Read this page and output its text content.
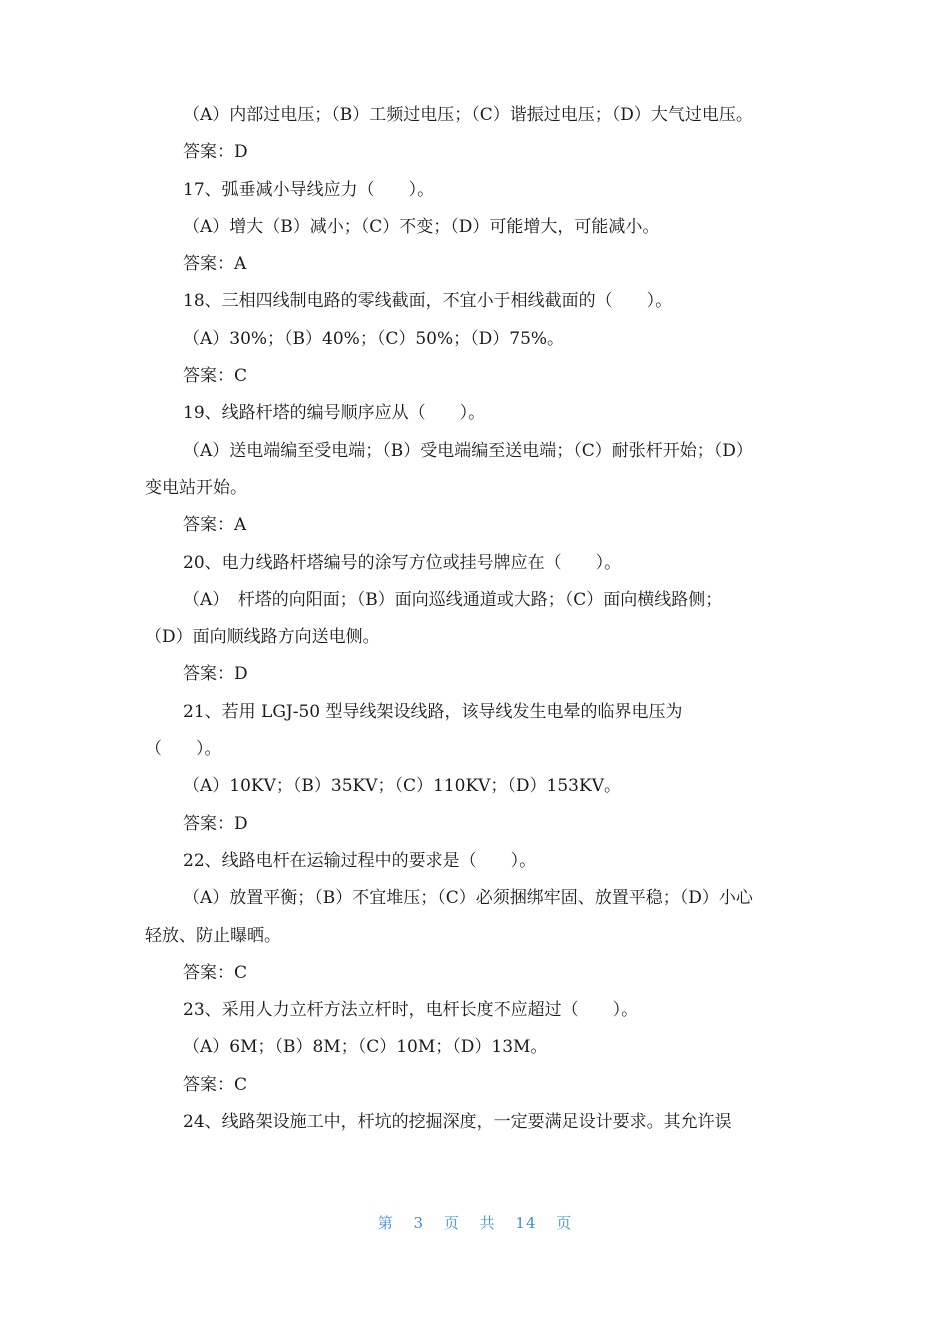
（A）内部过电压；（B）工频过电压；（C）谐振过电压；（D）大气过电压。
答案：D
17、弧垂减小导线应力（　　）。
（A）增大（B）减小；（C）不变；（D）可能增大，可能减小。
答案：A
18、三相四线制电路的零线截面，不宜小于相线截面的（　　）。
（A）30%；（B）40%；（C）50%；（D）75%。
答案：C
19、线路杆塔的编号顺序应从（　　）。
（A）送电端编至受电端；（B）受电端编至送电端；（C）耐张杆开始；（D）
变电站开始。
答案：A
20、电力线路杆塔编号的涂写方位或挂号牌应在（　　）。
（A）　杆塔的向阳面；（B）面向巡线通道或大路；（C）面向横线路侧；
（D）面向顺线路方向送电侧。
答案：D
21、若用 LGJ-50 型导线架设线路，该导线发生电晕的临界电压为
（　　）。
（A）10KV；（B）35KV；（C）110KV；（D）153KV。
答案：D
22、线路电杆在运输过程中的要求是（　　）。
（A）放置平衡；（B）不宜堆压；（C）必须捆绑牢固、放置平稳；（D）小心
轻放、防止曝晒。
答案：C
23、采用人力立杆方法立杆时，电杆长度不应超过（　　）。
（A）6M；（B）8M；（C）10M；（D）13M。
答案：C
24、线路架设施工中，杆坑的挖掘深度，一定要满足设计要求。其允许误
第 3 页 共 14 页
